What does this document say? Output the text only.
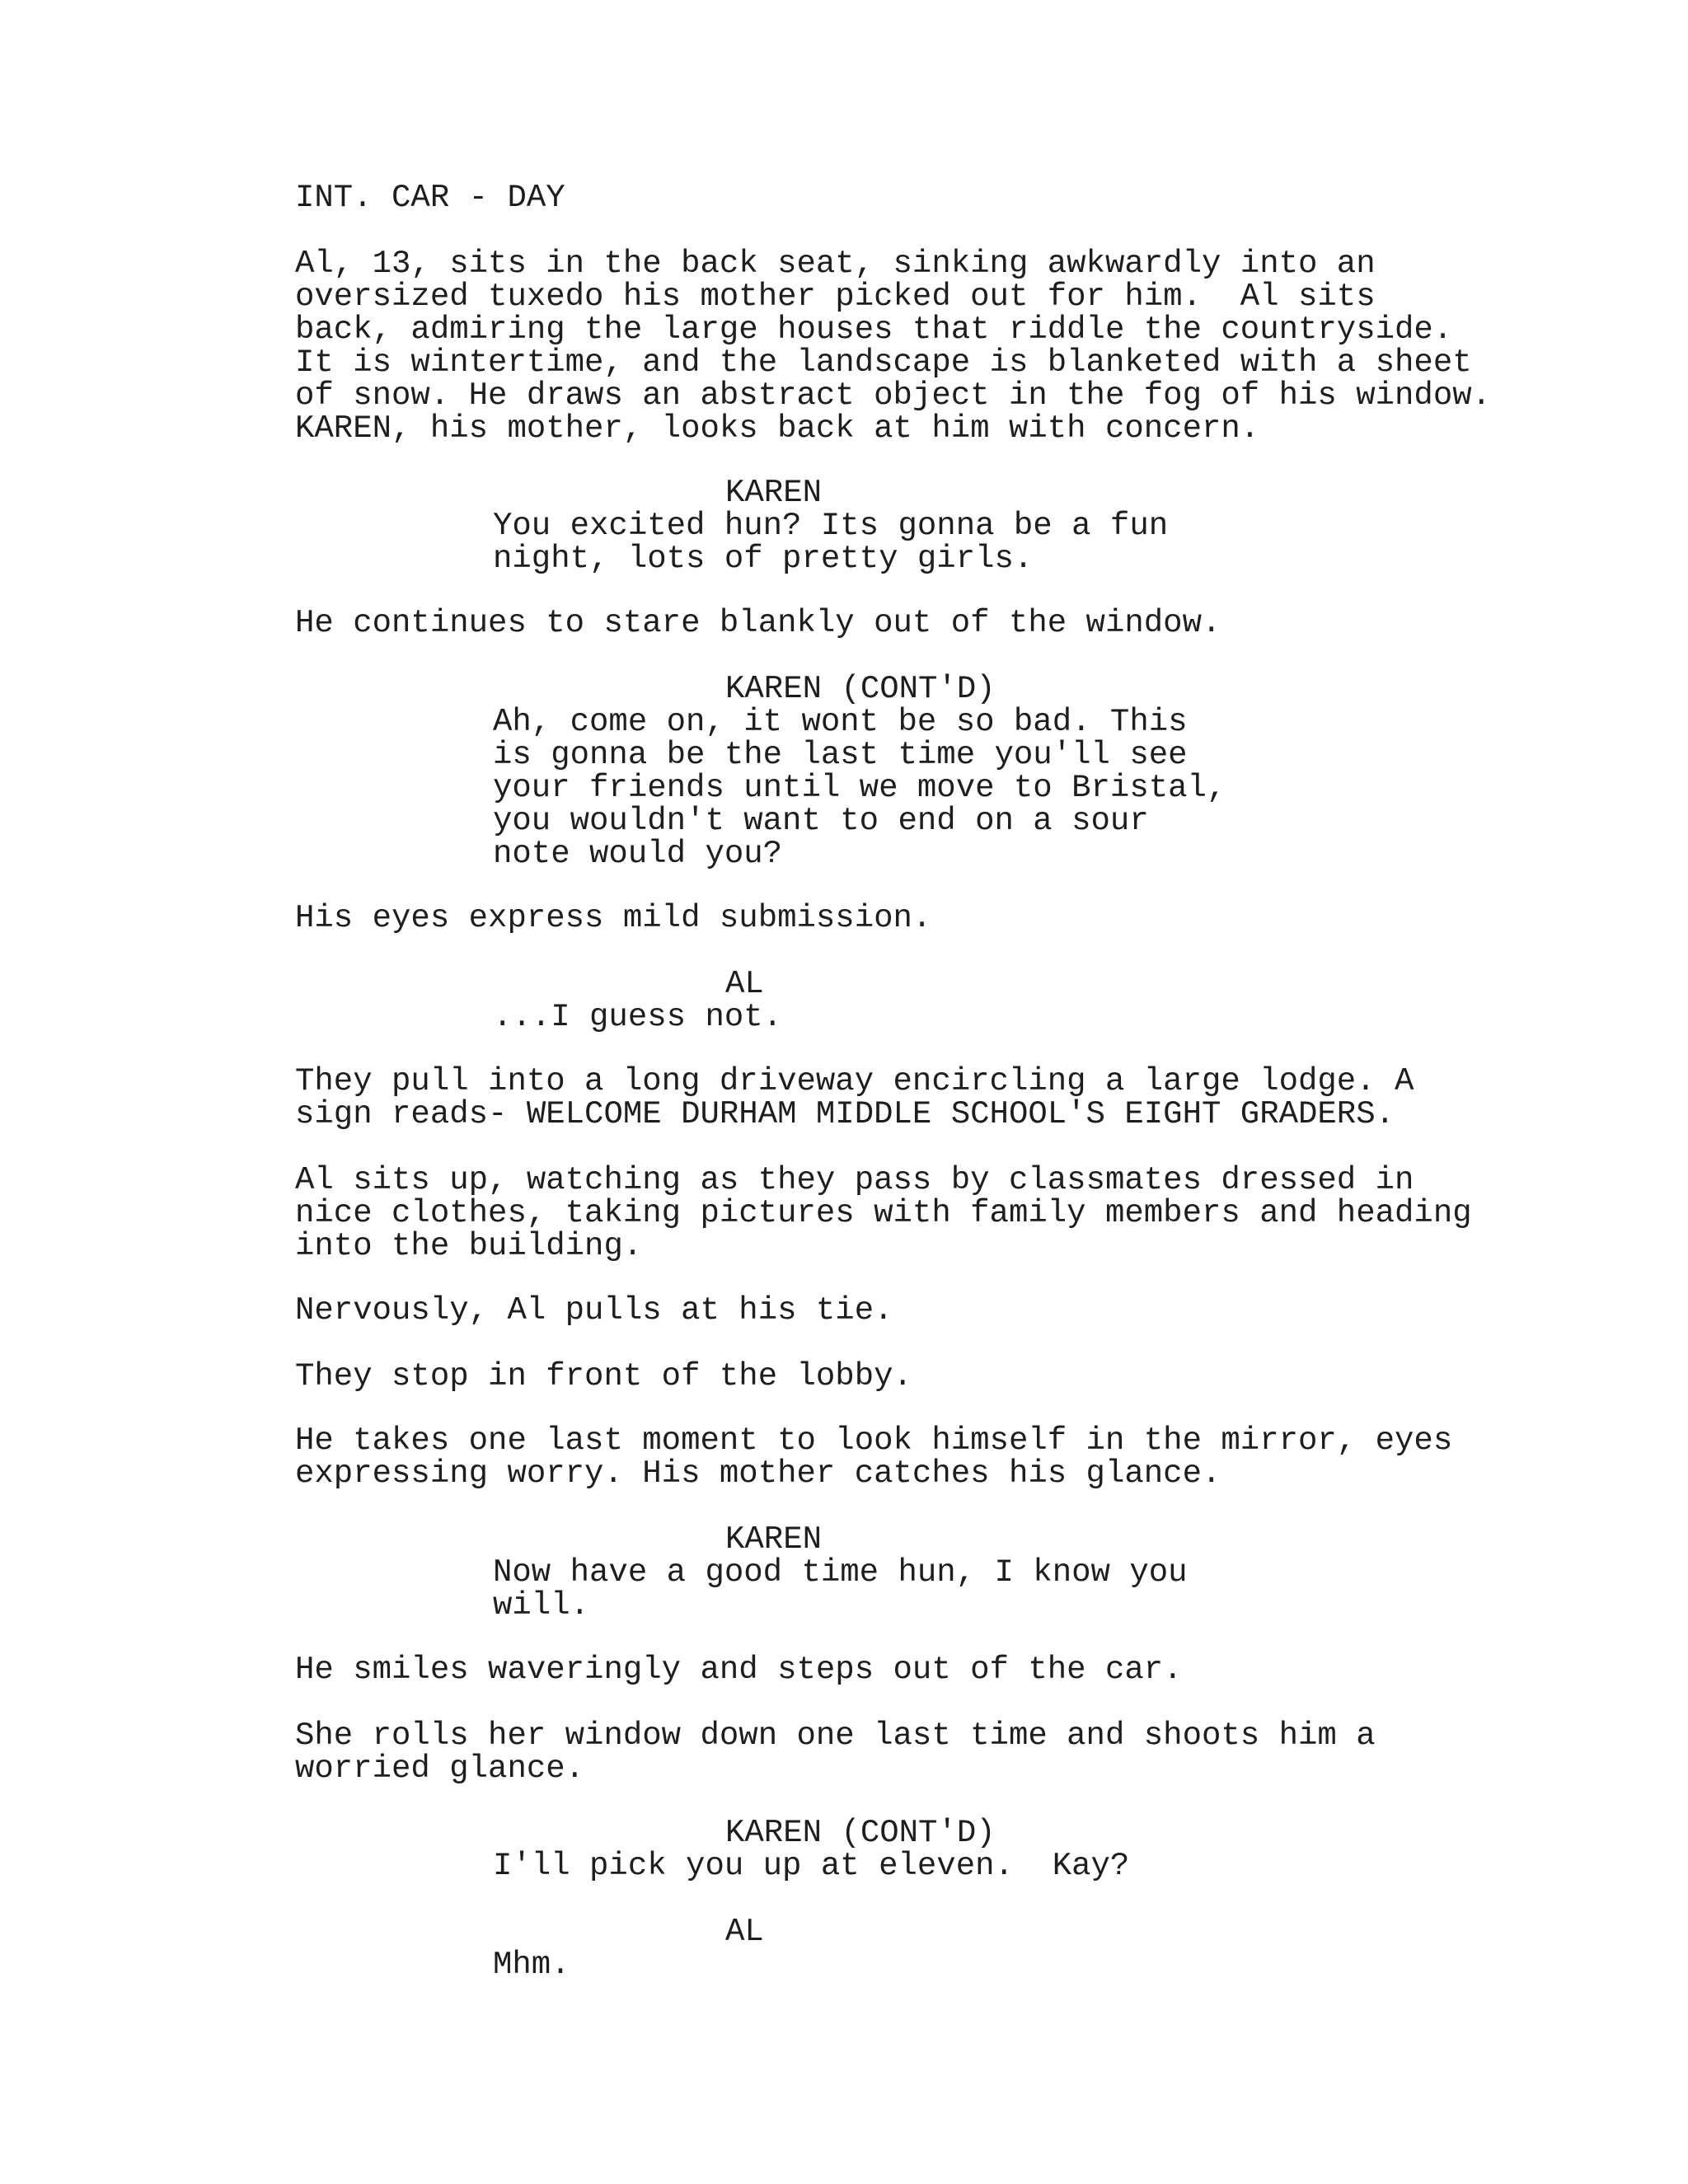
INT. CAR - DAY
Al, 13, sits in the back seat, sinking awkwardly into an
oversized tuxedo his mother picked out for him.  Al sits
back, admiring the large houses that riddle the countryside.
It is wintertime, and the landscape is blanketed with a sheet
of snow. He draws an abstract object in the fog of his window.
KAREN, his mother, looks back at him with concern.
KAREN
You excited hun? Its gonna be a fun
night, lots of pretty girls.
He continues to stare blankly out of the window.
KAREN (CONT'D)
Ah, come on, it wont be so bad. This
is gonna be the last time you'll see
your friends until we move to Bristal,
you wouldn't want to end on a sour
note would you?
His eyes express mild submission.
AL
...I guess not.
They pull into a long driveway encircling a large lodge. A
sign reads- WELCOME DURHAM MIDDLE SCHOOL'S EIGHT GRADERS.
Al sits up, watching as they pass by classmates dressed in
nice clothes, taking pictures with family members and heading
into the building.
Nervously, Al pulls at his tie.
They stop in front of the lobby.
He takes one last moment to look himself in the mirror, eyes
expressing worry. His mother catches his glance.
KAREN
Now have a good time hun, I know you
will.
He smiles waveringly and steps out of the car.
She rolls her window down one last time and shoots him a
worried glance.
KAREN (CONT'D)
I'll pick you up at eleven.  Kay?
AL
Mhm.
